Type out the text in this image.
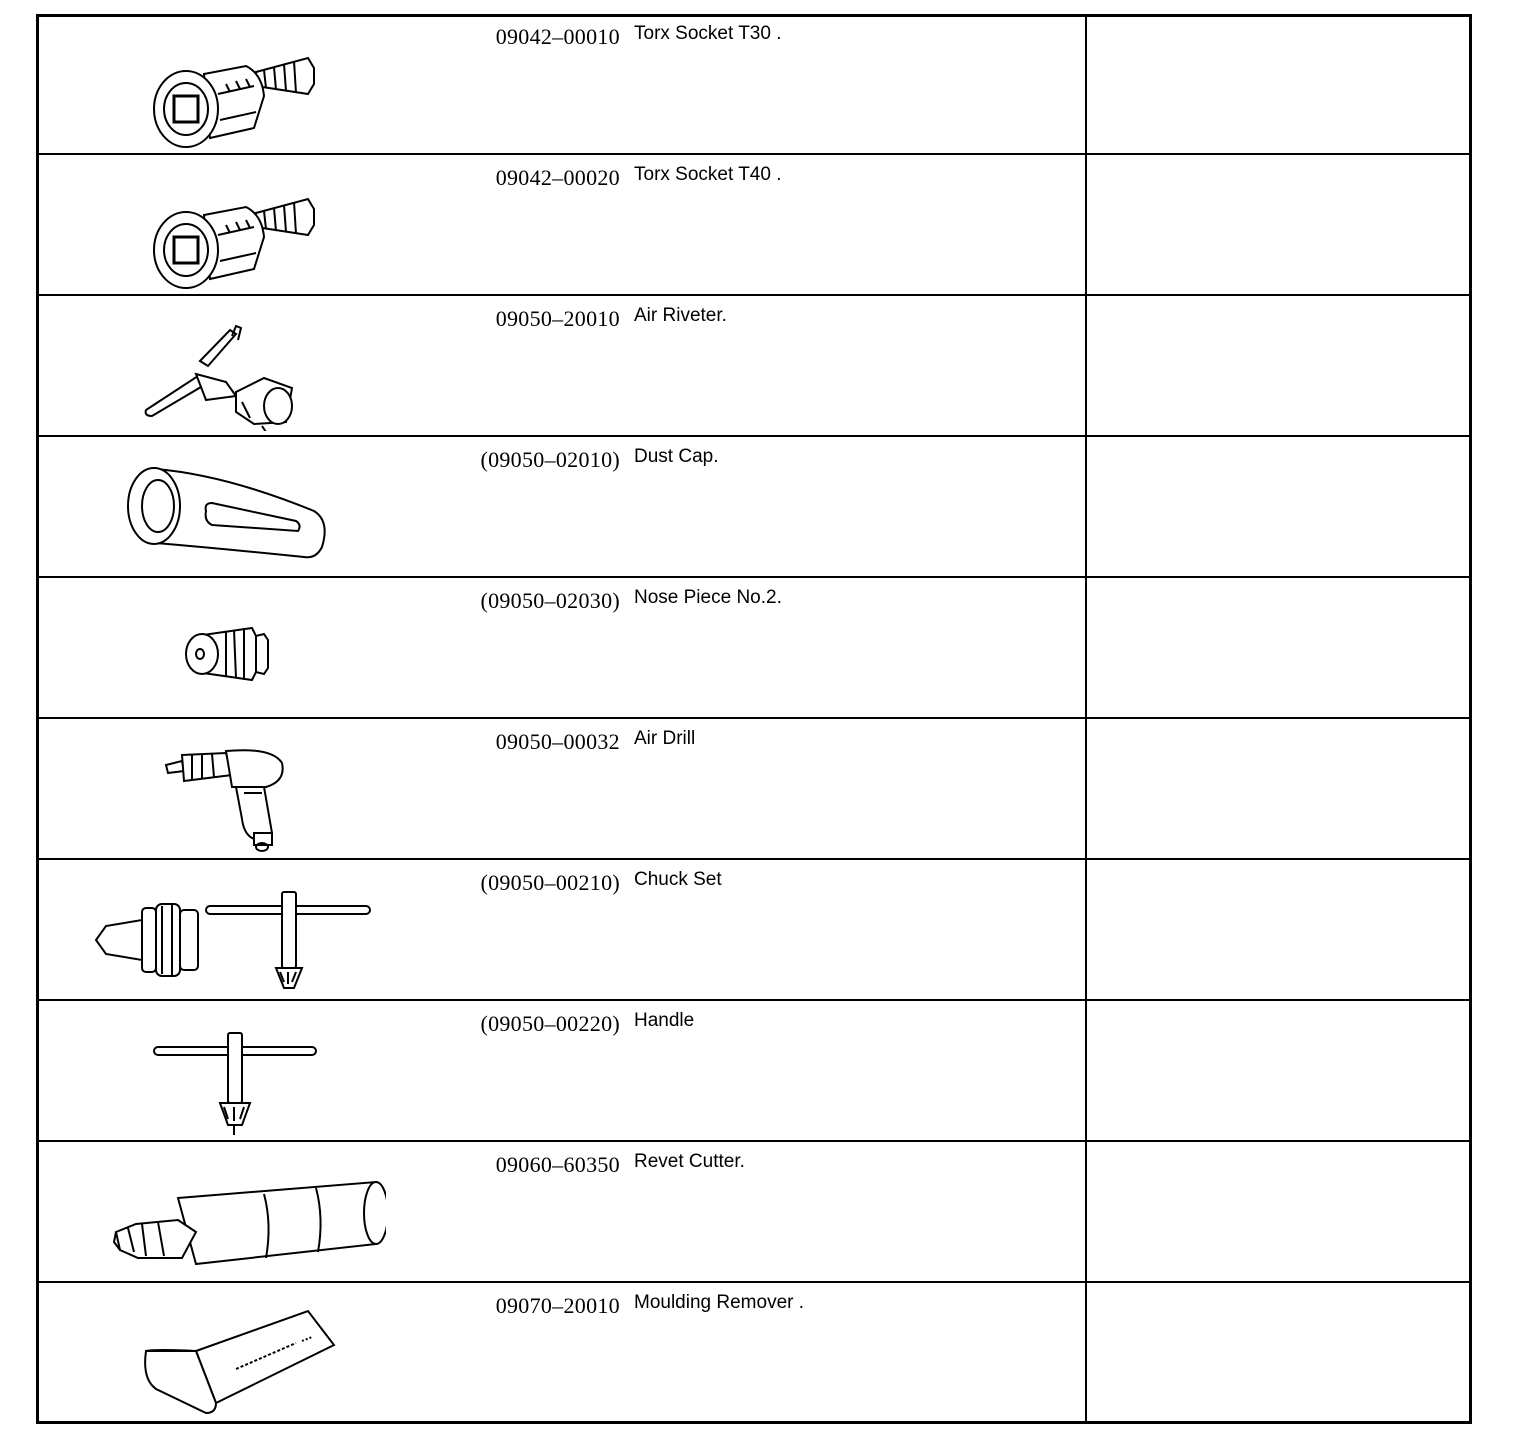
09042–00010 Torx Socket T30 .
09042–00020 Torx Socket T40 .
09050–20010 Air Riveter.
(09050–02010) Dust Cap.
(09050–02030) Nose Piece No.2.
09050–00032 Air Drill
(09050–00210) Chuck Set
(09050–00220) Handle
09060–60350 Revet Cutter.
09070–20010 Moulding Remover .
